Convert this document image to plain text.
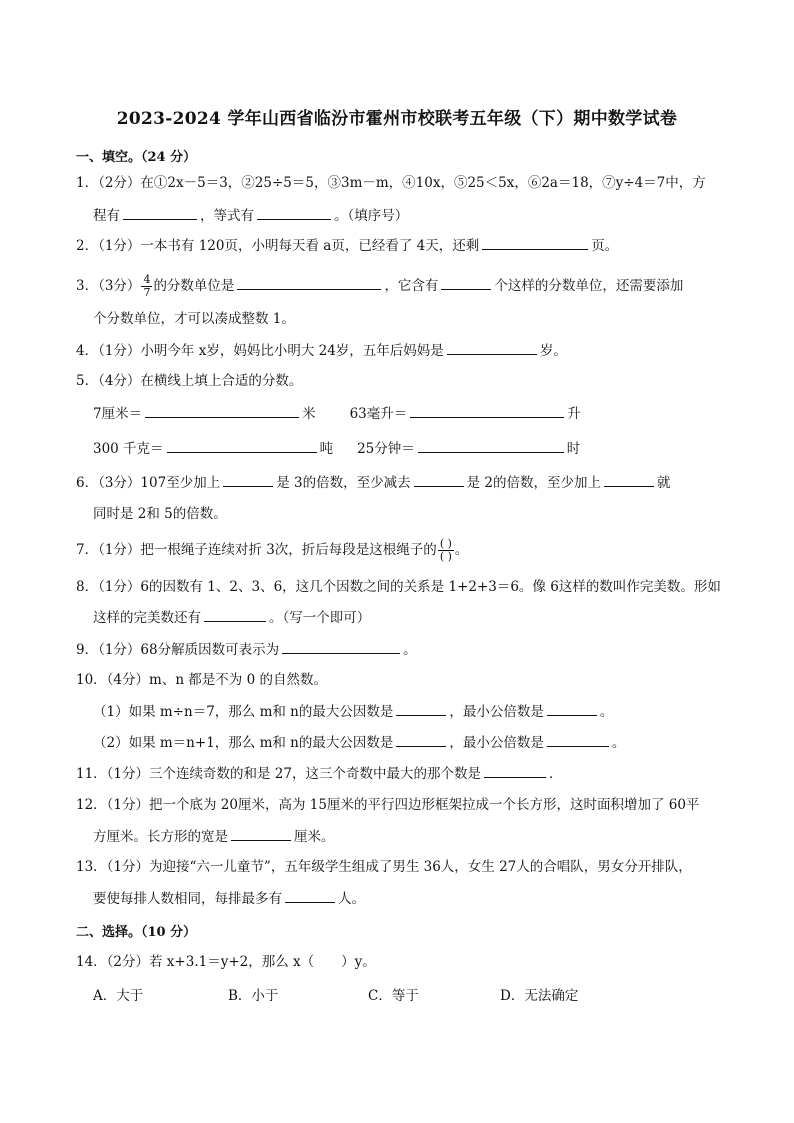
2023-2024 学年山西省临汾市霍州市校联考五年级（下）期中数学试卷
一、填空。（24 分）
1．（2分）在①2x－5＝3，②25÷5＝5，③3m－m，④10x，⑤25＜5x，⑥2a＝18，⑦y÷4＝7中，方
程有	，等式有	。（填序号）
2．（1分）一本书有 120页，小明每天看 a页，已经看了 4天，还剩	页。
3．（3分） $\frac{4}{7}$ 的分数单位是	，它含有	个这样的分数单位，还需要添加
个分数单位，才可以凑成整数 1。
4．（1分）小明今年 x岁，妈妈比小明大 24岁，五年后妈妈是	岁。
5．（4分）在横线上填上合适的分数。
7厘米＝	米	63毫升＝	升
300 千克＝	吨 25分钟＝	时
6．（3分）107至少加上	是 3的倍数，至少减去	是 2的倍数，至少加上	就
同时是 2和 5的倍数。
7．（1分）把一根绳子连续对折 3次，折后每段是这根绳子的 $\frac{( )}{( )}$ 。
8．（1分）6的因数有 1、2、3、6，这几个因数之间的关系是 1+2+3＝6。像 6这样的数叫作完美数。形如
这样的完美数还有	。（写一个即可）
9．（1分）68分解质因数可表示为	。
10．（4分）m、n 都是不为 0 的自然数。
（1）如果 m÷n＝7，那么 m和 n的最大公因数是	，最小公倍数是	。
（2）如果 m＝n+1，那么 m和 n的最大公因数是	，最小公倍数是	。
11．（1分）三个连续奇数的和是 27，这三个奇数中最大的那个数是	．
12．（1分）把一个底为 20厘米，高为 15厘米的平行四边形框架拉成一个长方形，这时面积增加了 60平
方厘米。长方形的宽是	厘米。
13．（1分）为迎接“六一儿童节”，五年级学生组成了男生 36人，女生 27人的合唱队，男女分开排队，
要使每排人数相同，每排最多有	人。
二、选择。（10 分）
14．（2分）若 x+3.1＝y+2，那么 x（　　）y。
A．大于	B．小于	C．等于	D．无法确定
